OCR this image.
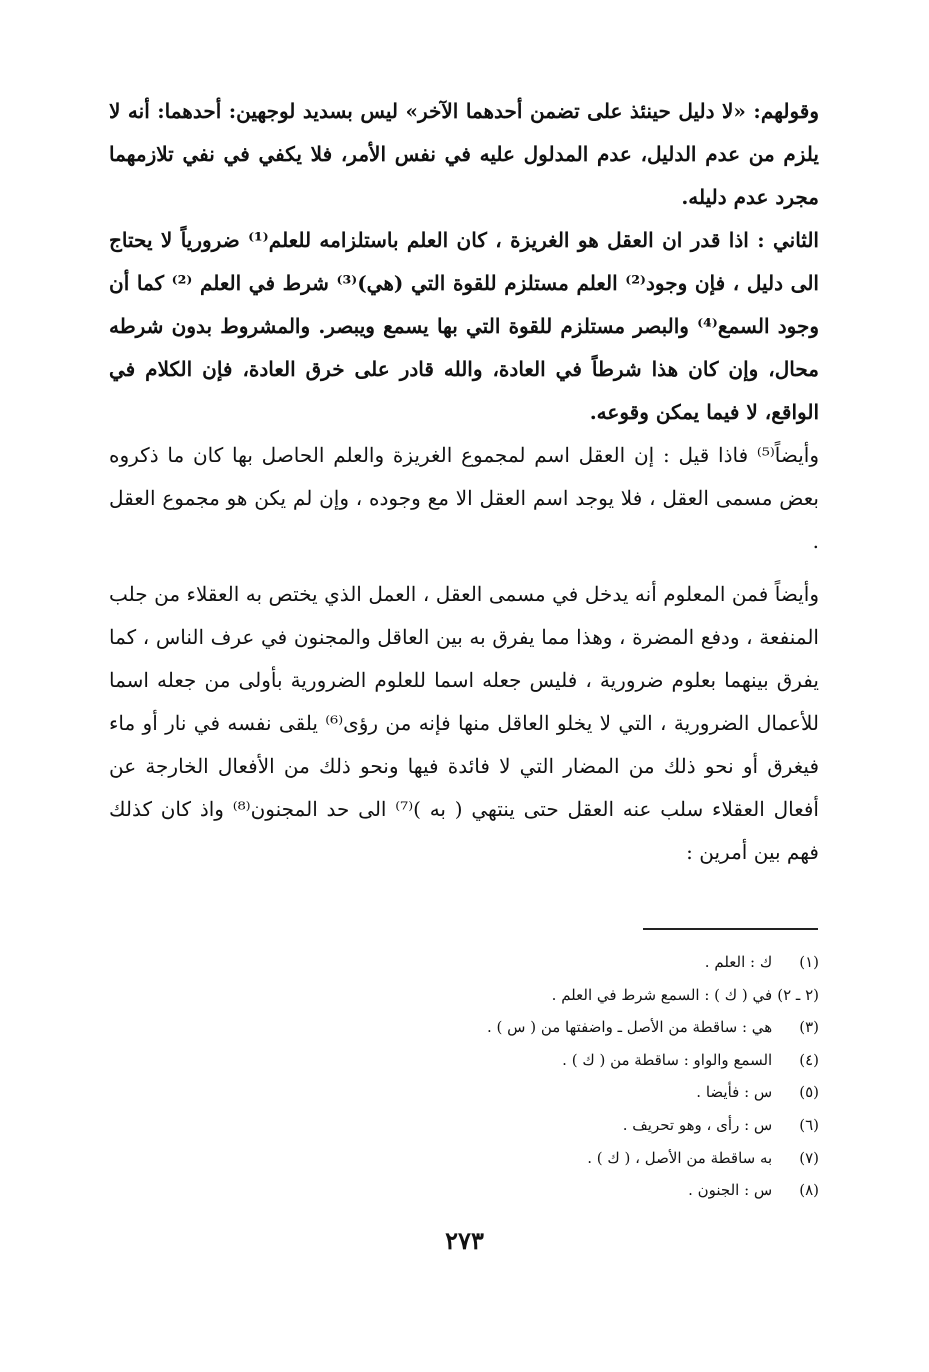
وقولهم: «لا دليل حينئذ على تضمن أحدهما الآخر» ليس بسديد لوجهين: أحدهما: أنه لا يلزم من عدم الدليل، عدم المدلول عليه في نفس الأمر، فلا يكفي في نفي تلازمهما مجرد عدم دليله.

الثاني : اذا قدر ان العقل هو الغريزة ، كان العلم باستلزامه للعلم⁽¹⁾ ضرورياً لا يحتاج الى دليل ، فإن وجود⁽²⁾ العلم مستلزم للقوة التي (هي)⁽³⁾ شرط في العلم ⁽²⁾ كما أن وجود السمع⁽⁴⁾ والبصر مستلزم للقوة التي بها يسمع ويبصر. والمشروط بدون شرطه محال، وإن كان هذا شرطاً في العادة، والله قادر على خرق العادة، فإن الكلام في الواقع، لا فيما يمكن وقوعه.

وأيضاً⁽⁵⁾ فاذا قيل : إن العقل اسم لمجموع الغريزة والعلم الحاصل بها كان ما ذكروه بعض مسمى العقل ، فلا يوجد اسم العقل الا مع وجوده ، وإن لم يكن هو مجموع العقل .

وأيضاً فمن المعلوم أنه يدخل في مسمى العقل ، العمل الذي يختص به العقلاء من جلب المنفعة ، ودفع المضرة ، وهذا مما يفرق به بين العاقل والمجنون في عرف الناس ، كما يفرق بينهما بعلوم ضرورية ، فليس جعله اسما للعلوم الضرورية بأولى من جعله اسما للأعمال الضرورية ، التي لا يخلو العاقل منها فإنه من رؤى⁽⁶⁾ يلقى نفسه في نار أو ماء فيغرق أو نحو ذلك من المضار التي لا فائدة فيها ونحو ذلك من الأفعال الخارجة عن أفعال العقلاء سلب عنه العقل حتى ينتهي ( به )⁽⁷⁾ الى حد المجنون⁽⁸⁾ واذ كان كذلك فهم بين أمرين :

(١) ك : العلم .
(٢ ـ ٢) في ( ك ) : السمع شرط في العلم .
(٣) هي : ساقطة من الأصل ـ واضفتها من ( س ) .
(٤) السمع والواو : ساقطة من ( ك ) .
(٥) س : فأيضا .
(٦) س : رأى ، وهو تحريف .
(٧) به ساقطة من الأصل ، ( ك ) .
(٨) س : الجنون .
٢٧٣
